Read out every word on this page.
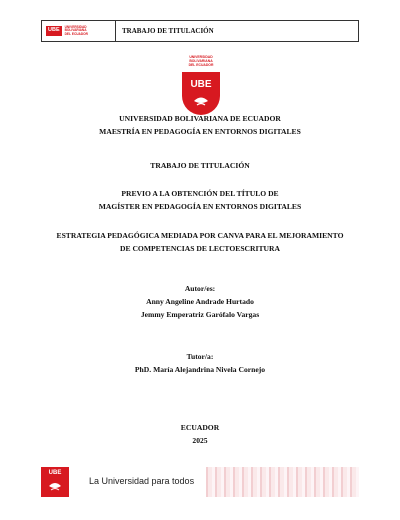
UBE
UNIVERSIDAD
BOLIVARIANA
DEL ECUADOR	TRABAJO DE TITULACIÓN
UNIVERSIDAD
BOLIVARIANA
DEL ECUADOR
UBE
UNIVERSIDAD BOLIVARIANA DE ECUADOR
MAESTRÍA EN PEDAGOGÍA EN ENTORNOS DIGITALES
TRABAJO DE TITULACIÓN
PREVIO A LA OBTENCIÓN DEL TÍTULO DE
MAGÍSTER EN PEDAGOGÍA EN ENTORNOS DIGITALES
ESTRATEGIA PEDAGÓGICA MEDIADA POR CANVA PARA EL MEJORAMIENTO
DE COMPETENCIAS DE LECTOESCRITURA
Autor/es:
Anny Angeline Andrade Hurtado
Jemmy Emperatriz Garófalo Vargas
Tutor/a:
PhD. María Alejandrina Nivela Cornejo
ECUADOR
2025
UBE
La Universidad para todos
